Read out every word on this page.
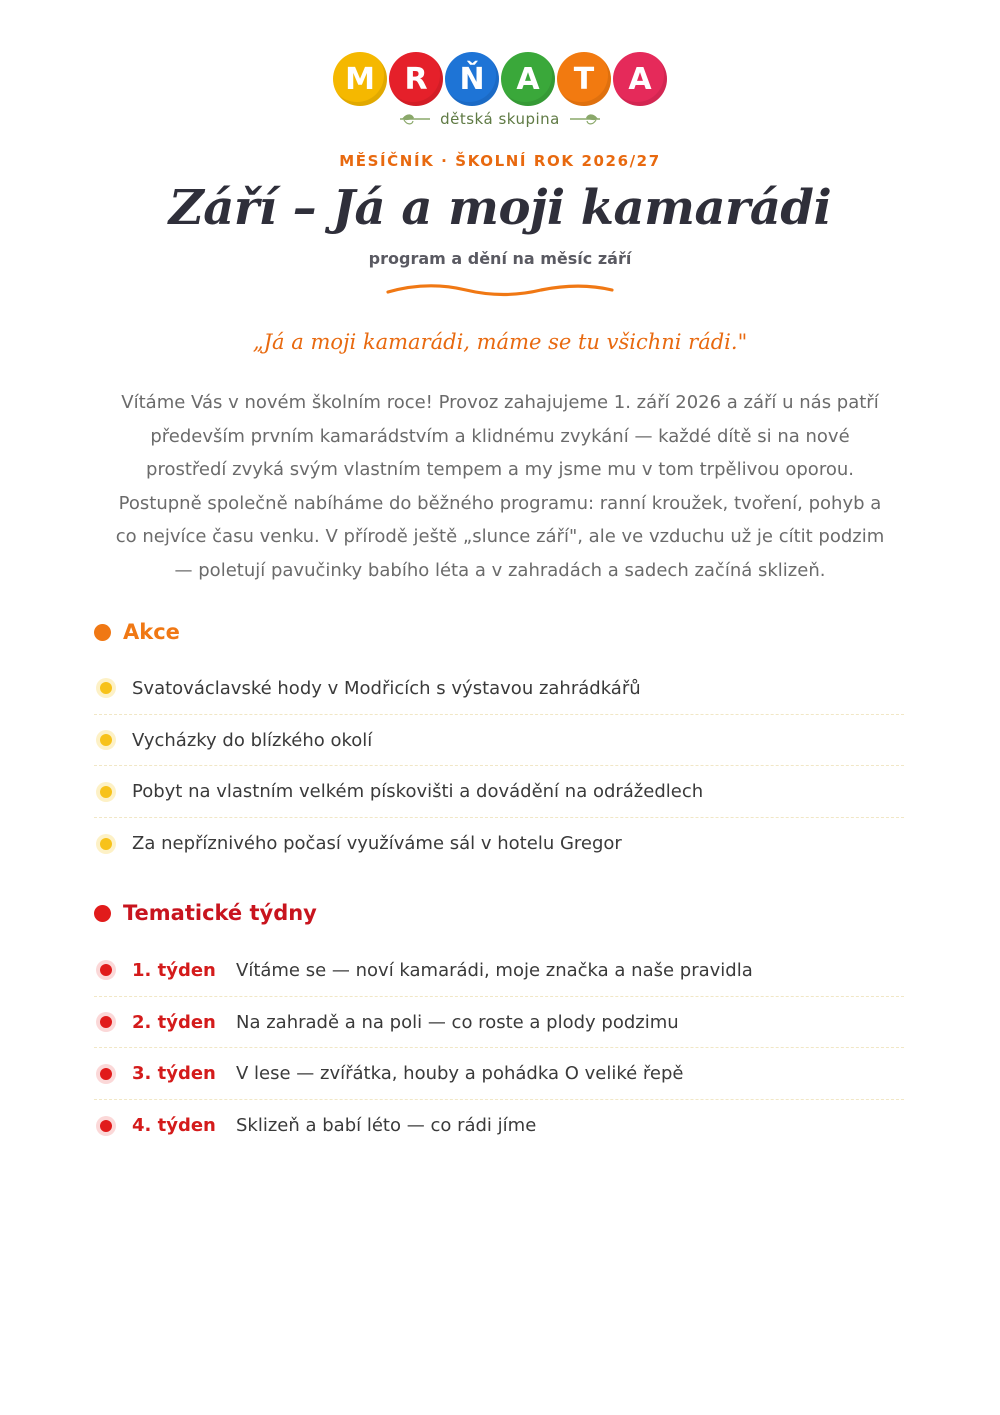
M R Ň A T A
dětská skupina
MĚSÍČNÍK · ŠKOLNÍ ROK 2026/27
Září – Já a moji kamarádi
program a dění na měsíc září
„Já a moji kamarádi, máme se tu všichni rádi."
Vítáme Vás v novém školním roce! Provoz zahajujeme 1. září 2026 a září u nás patří
především prvním kamarádstvím a klidnému zvykání — každé dítě si na nové
prostředí zvyká svým vlastním tempem a my jsme mu v tom trpělivou oporou.
Postupně společně nabíháme do běžného programu: ranní kroužek, tvoření, pohyb a
co nejvíce času venku. V přírodě ještě „slunce září", ale ve vzduchu už je cítit podzim
— poletují pavučinky babího léta a v zahradách a sadech začíná sklizeň.
Akce
Svatováclavské hody v Modřicích s výstavou zahrádkářů
Vycházky do blízkého okolí
Pobyt na vlastním velkém pískovišti a dovádění na odrážedlech
Za nepříznivého počasí využíváme sál v hotelu Gregor
Tematické týdny
1. týden	Vítáme se — noví kamarádi, moje značka a naše pravidla
2. týden	Na zahradě a na poli — co roste a plody podzimu
3. týden	V lese — zvířátka, houby a pohádka O veliké řepě
4. týden	Sklizeň a babí léto — co rádi jíme
